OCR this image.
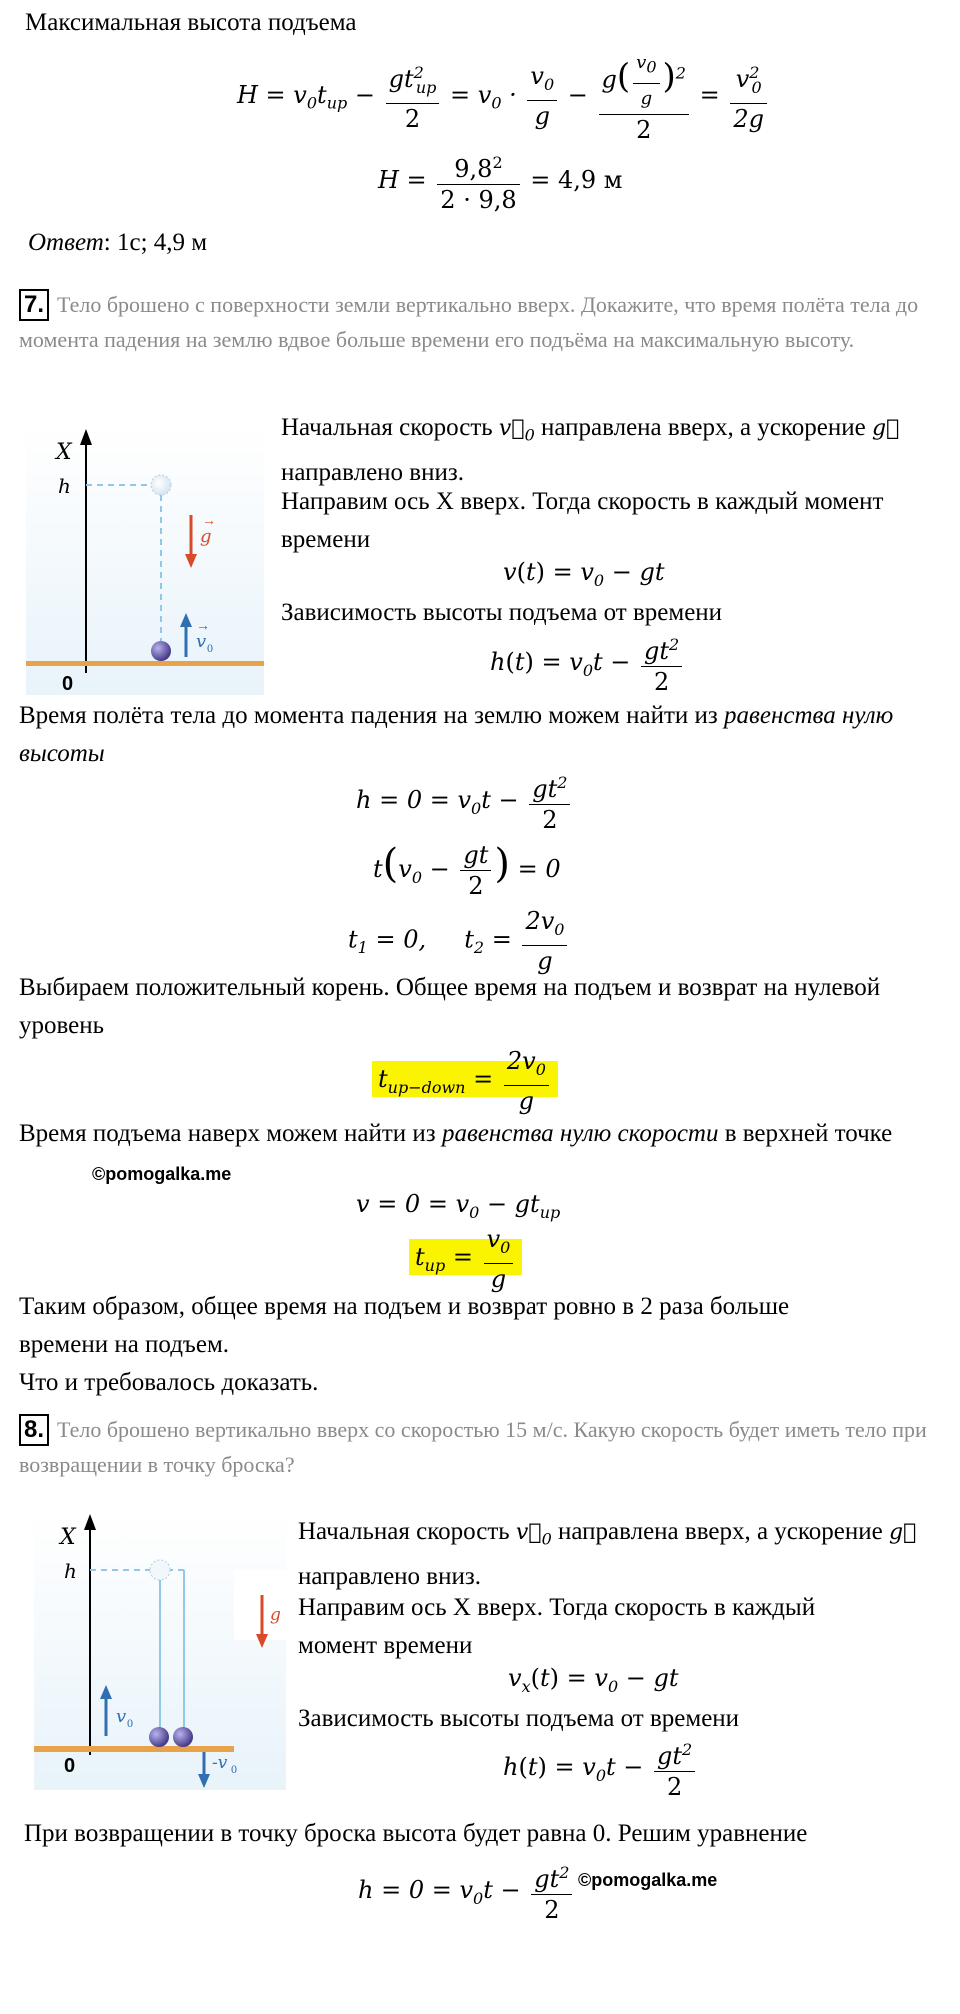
Максимальная высота подъема
$H = v_0t_{up} - \frac{gt^2_{up}}{2} = v_0 \cdot \frac{v_0}{g} - \frac{g( \frac{v_0}{g} )^2}{2} = \frac{v^2_0}{2g}$
$H = \frac{9,8^2}{2 \cdot 9,8} = 4,9$ м
Ответ: 1с; 4,9 м
7. Тело брошено с поверхности земли вертикально вверх. Докажите, что время полёта тела до момента падения на землю вдвое больше времени его подъёма на максимальную высоту.
X
h
g
→
v 0
→
0
Начальная скорость $v⃗_0$ направлена вверх, а ускорение g⃗ направлено вниз.
Направим ось X вверх. Тогда скорость в каждый момент времени
$v(t) = v_0$ − gt
Зависимость высоты подъема от времени
$h(t) = v_0t - \frac{gt^2}{2}$
Время полёта тела до момента падения на землю можем найти из равенства нулю высоты
$h = 0 = v_0t - \frac{gt^2}{2}$
$t(v_0 - \frac{gt}{2}$ ) = 0
$t_1 = 0$,     $t_2 = \frac{2v_0}{g}$
Выбираем положительный корень. Общее время на подъем и возврат на нулевой уровень
$t_{up-down} = \frac{2v_0}{g}$
Время подъема наверх можем найти из равенства нулю скорости в верхней точке
©pomogalka.me
$v = 0 = v_0 - gt_{up}$
$t_{up} = \frac{v_0}{g}$
Таким образом, общее время на подъем и возврат ровно в 2 раза больше времени на подъем.
Что и требовалось доказать.
8. Тело брошено вертикально вверх со скоростью 15 м/с. Какую скорость будет иметь тело при возвращении в точку броска?
X
h
g
v 0
-v 0
0
Начальная скорость $v⃗_0$ направлена вверх, а ускорение g⃗ направлено вниз.
Направим ось X вверх. Тогда скорость в каждый момент времени
$v_x(t) = v_0$ − gt
Зависимость высоты подъема от времени
$h(t) = v_0t - \frac{gt^2}{2}$
При возвращении в точку броска высота будет равна 0. Решим уравнение
$h = 0 = v_0t - \frac{gt^2}{2}$ ©pomogalka.me
